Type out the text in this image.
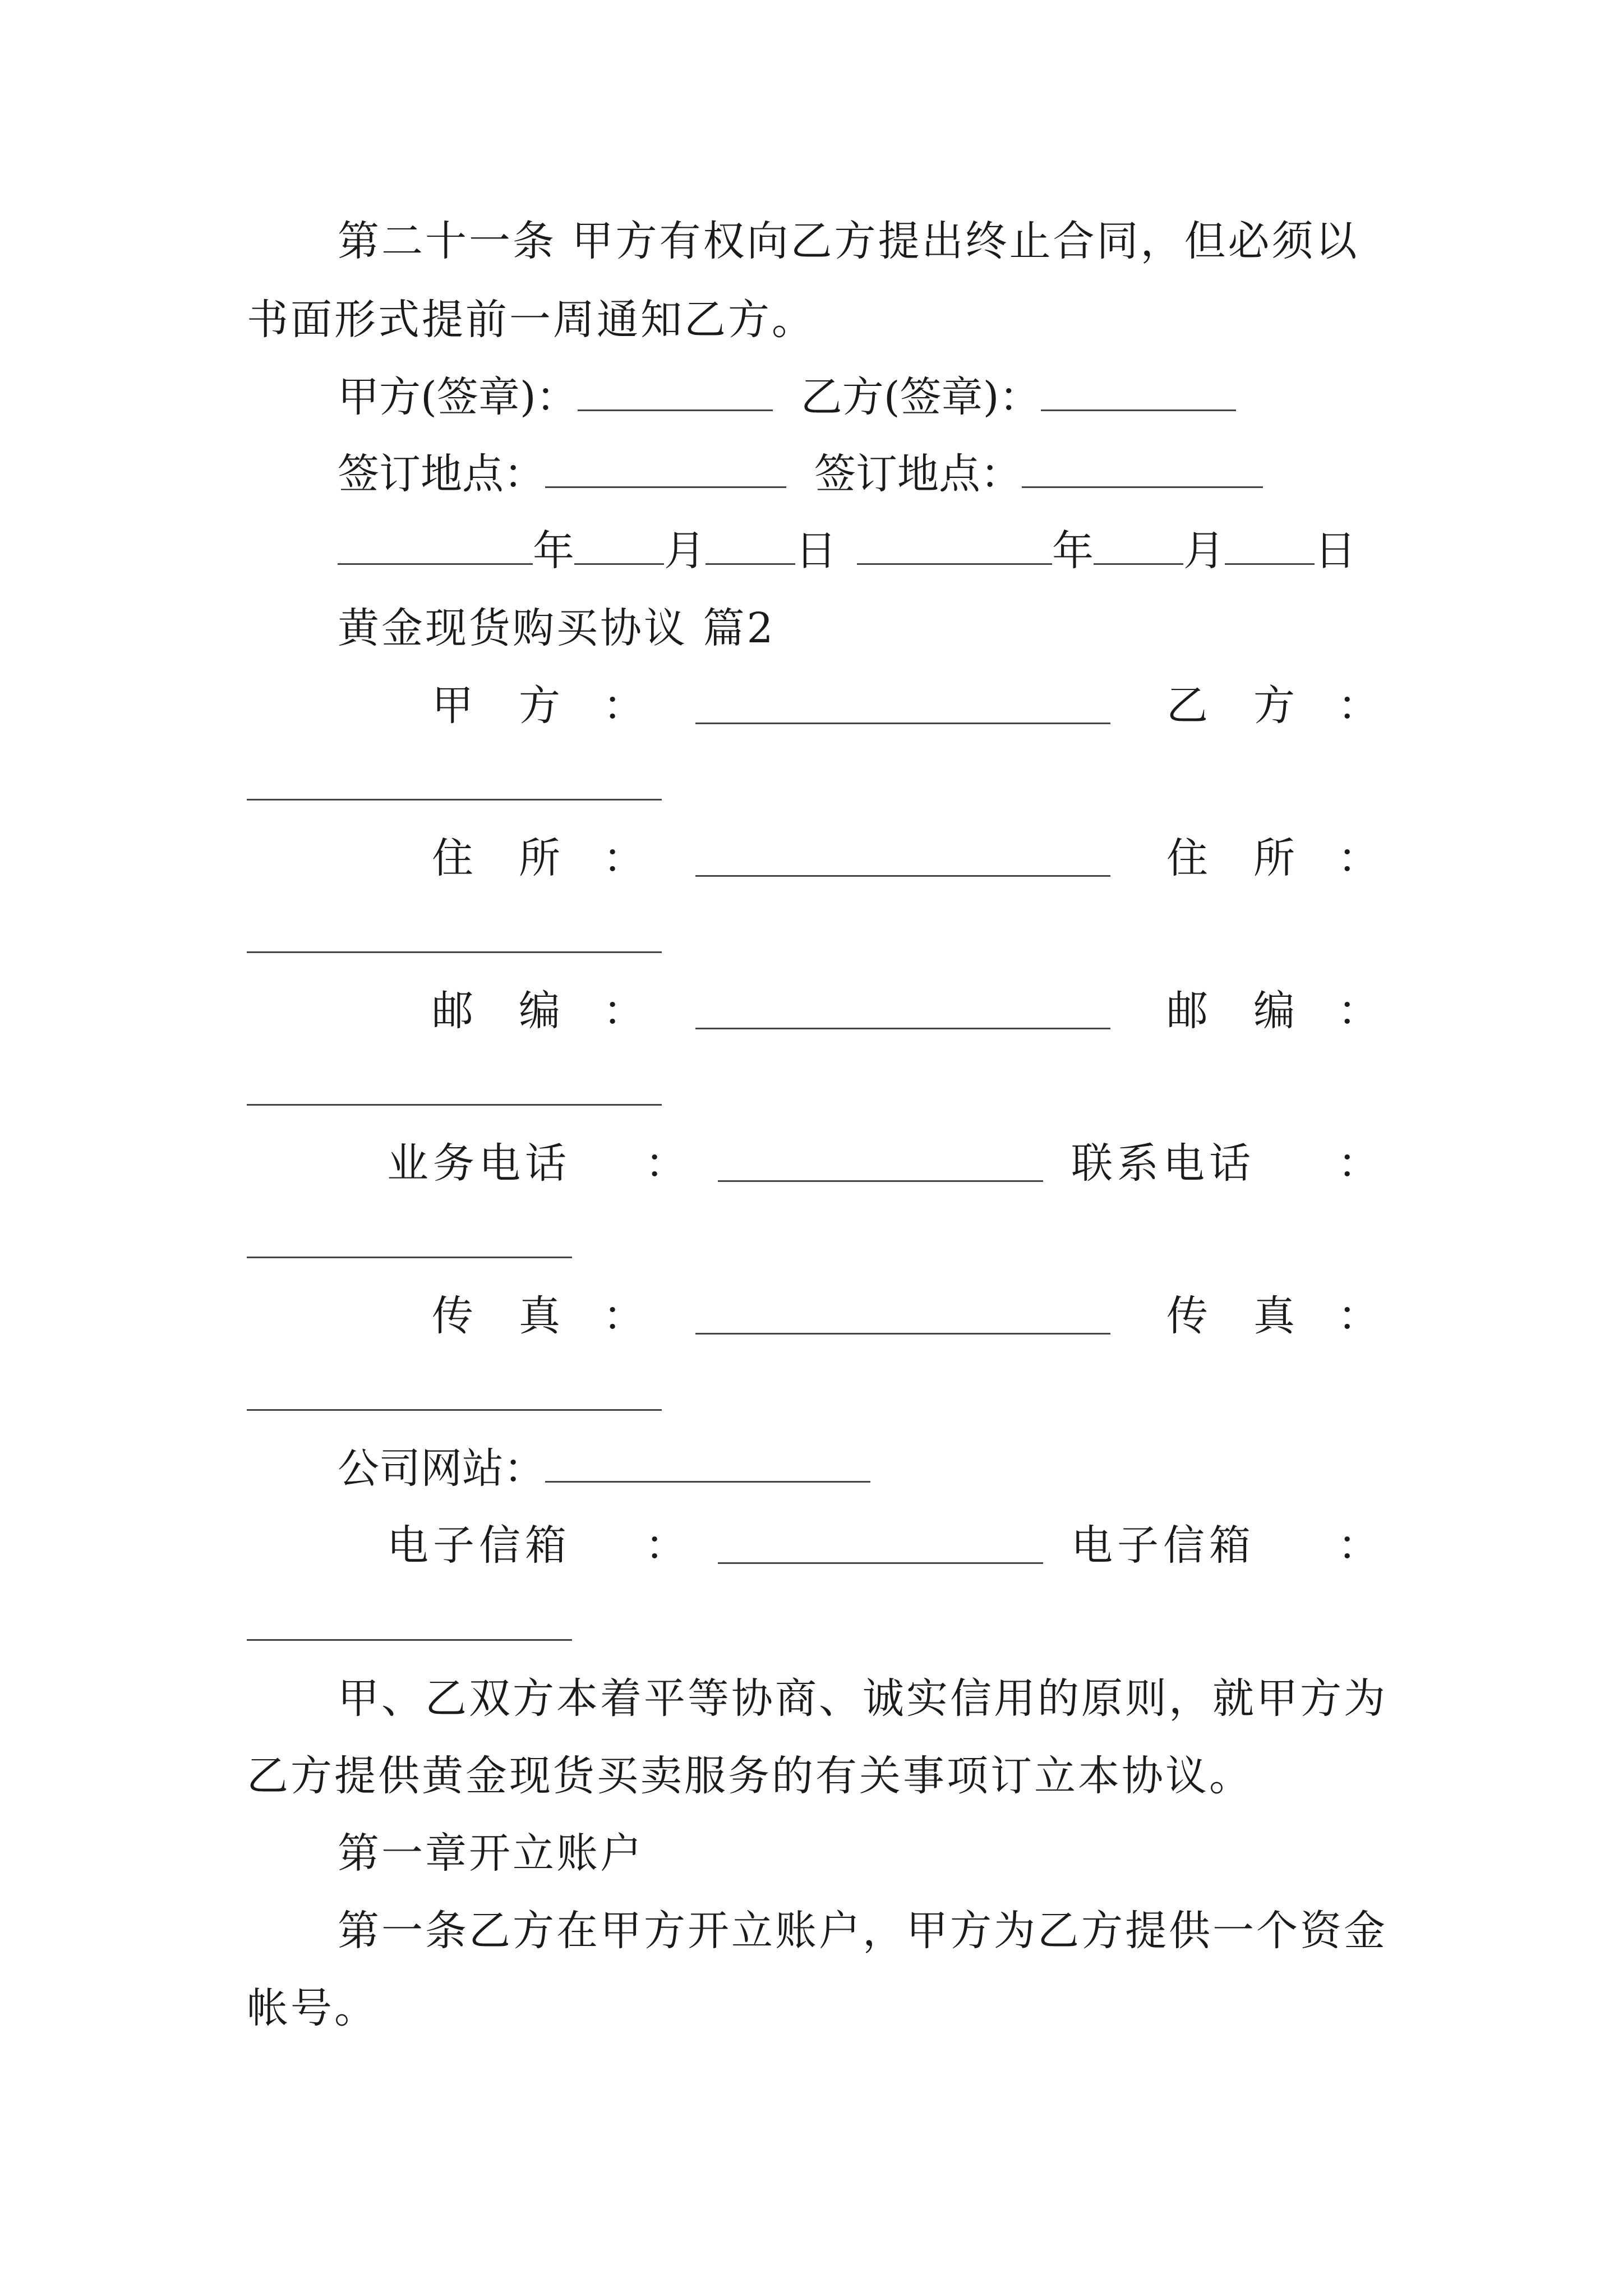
第二十一条 甲方有权向乙方提出终止合同，但必须以
书面形式提前一周通知乙方。
甲方(签章)：	乙方(签章)：
签订地点：	签订地点：
年 月 日	年 月 日
黄金现货购买协议 篇2
甲 方 ：	乙 方 ：
住 所 ：	住 所 ：
邮 编 ：	邮 编 ：
业 务 电 话 ：	联 系 电 话 ：
传 真 ：	传 真 ：
公司网站：
电 子 信 箱 ：	电 子 信 箱 ：
甲、乙双方本着平等协商、诚实信用的原则，就甲方为
乙方提供黄金现货买卖服务的有关事项订立本协议。
第一章开立账户
第一条乙方在甲方开立账户，甲方为乙方提供一个资金
帐号。
